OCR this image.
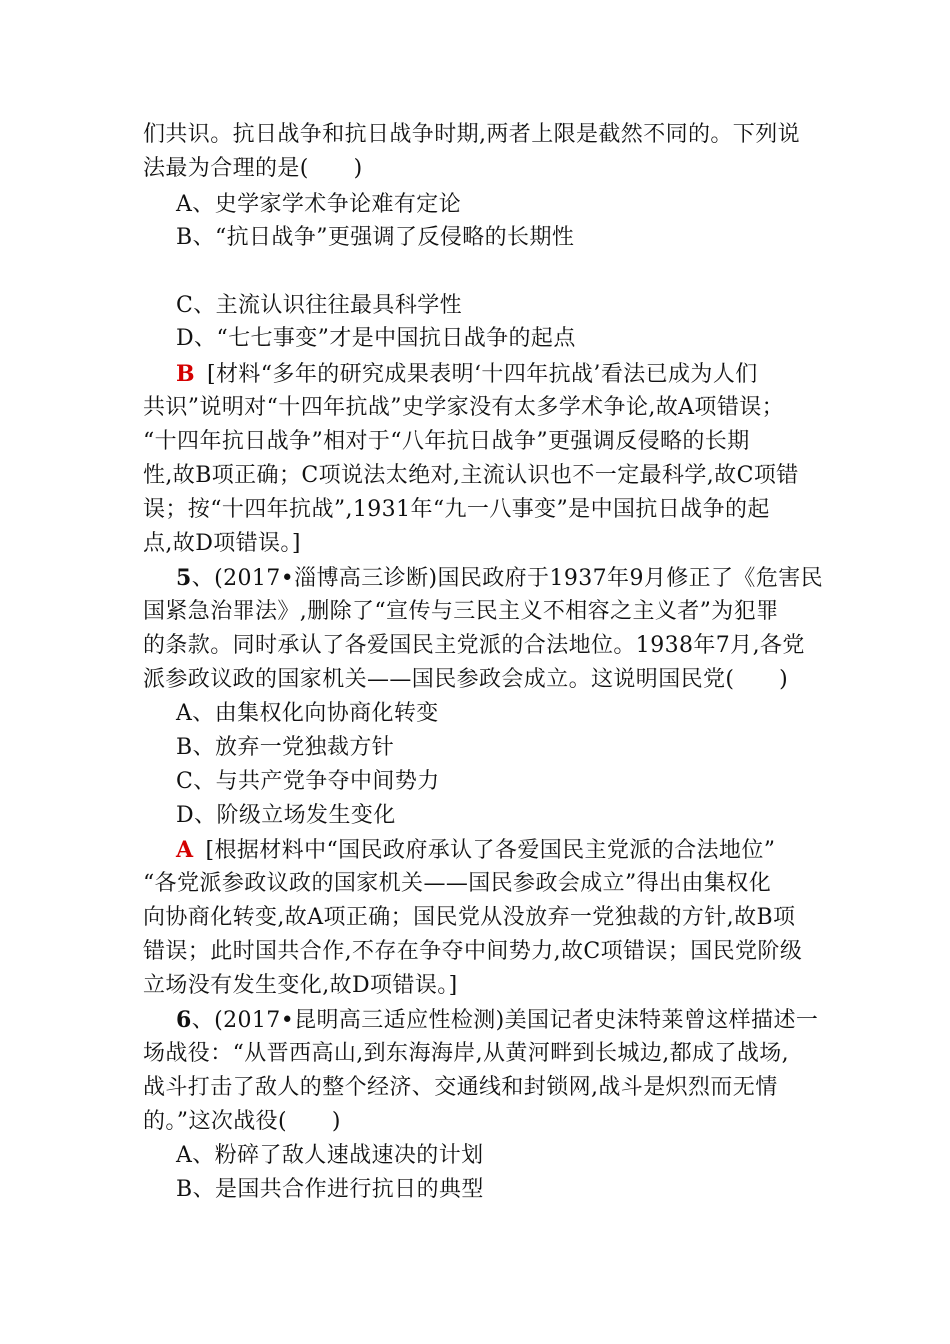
们共识。抗日战争和抗日战争时期,两者上限是截然不同的。下列说
法最为合理的是(　　)
A、史学家学术争论难有定论
B、“抗日战争”更强调了反侵略的长期性
C、主流认识往往最具科学性
D、“七七事变”才是中国抗日战争的起点
B [材料“多年的研究成果表明‘十四年抗战’看法已成为人们
共识”说明对“十四年抗战”史学家没有太多学术争论,故A项错误；
“十四年抗日战争”相对于“八年抗日战争”更强调反侵略的长期
性,故B项正确；C项说法太绝对,主流认识也不一定最科学,故C项错
误；按“十四年抗战”,1931年“九一八事变”是中国抗日战争的起
点,故D项错误。]
5、(2017•淄博高三诊断)国民政府于1937年9月修正了《危害民
国紧急治罪法》,删除了“宣传与三民主义不相容之主义者”为犯罪
的条款。同时承认了各爱国民主党派的合法地位。1938年7月,各党
派参政议政的国家机关——国民参政会成立。这说明国民党(　　)
A、由集权化向协商化转变
B、放弃一党独裁方针
C、与共产党争夺中间势力
D、阶级立场发生变化
A [根据材料中“国民政府承认了各爱国民主党派的合法地位”
“各党派参政议政的国家机关——国民参政会成立”得出由集权化
向协商化转变,故A项正确；国民党从没放弃一党独裁的方针,故B项
错误；此时国共合作,不存在争夺中间势力,故C项错误；国民党阶级
立场没有发生变化,故D项错误。]
6、(2017•昆明高三适应性检测)美国记者史沫特莱曾这样描述一
场战役：“从晋西高山,到东海海岸,从黄河畔到长城边,都成了战场,
战斗打击了敌人的整个经济、交通线和封锁网,战斗是炽烈而无情
的。”这次战役(　　)
A、粉碎了敌人速战速决的计划
B、是国共合作进行抗日的典型
